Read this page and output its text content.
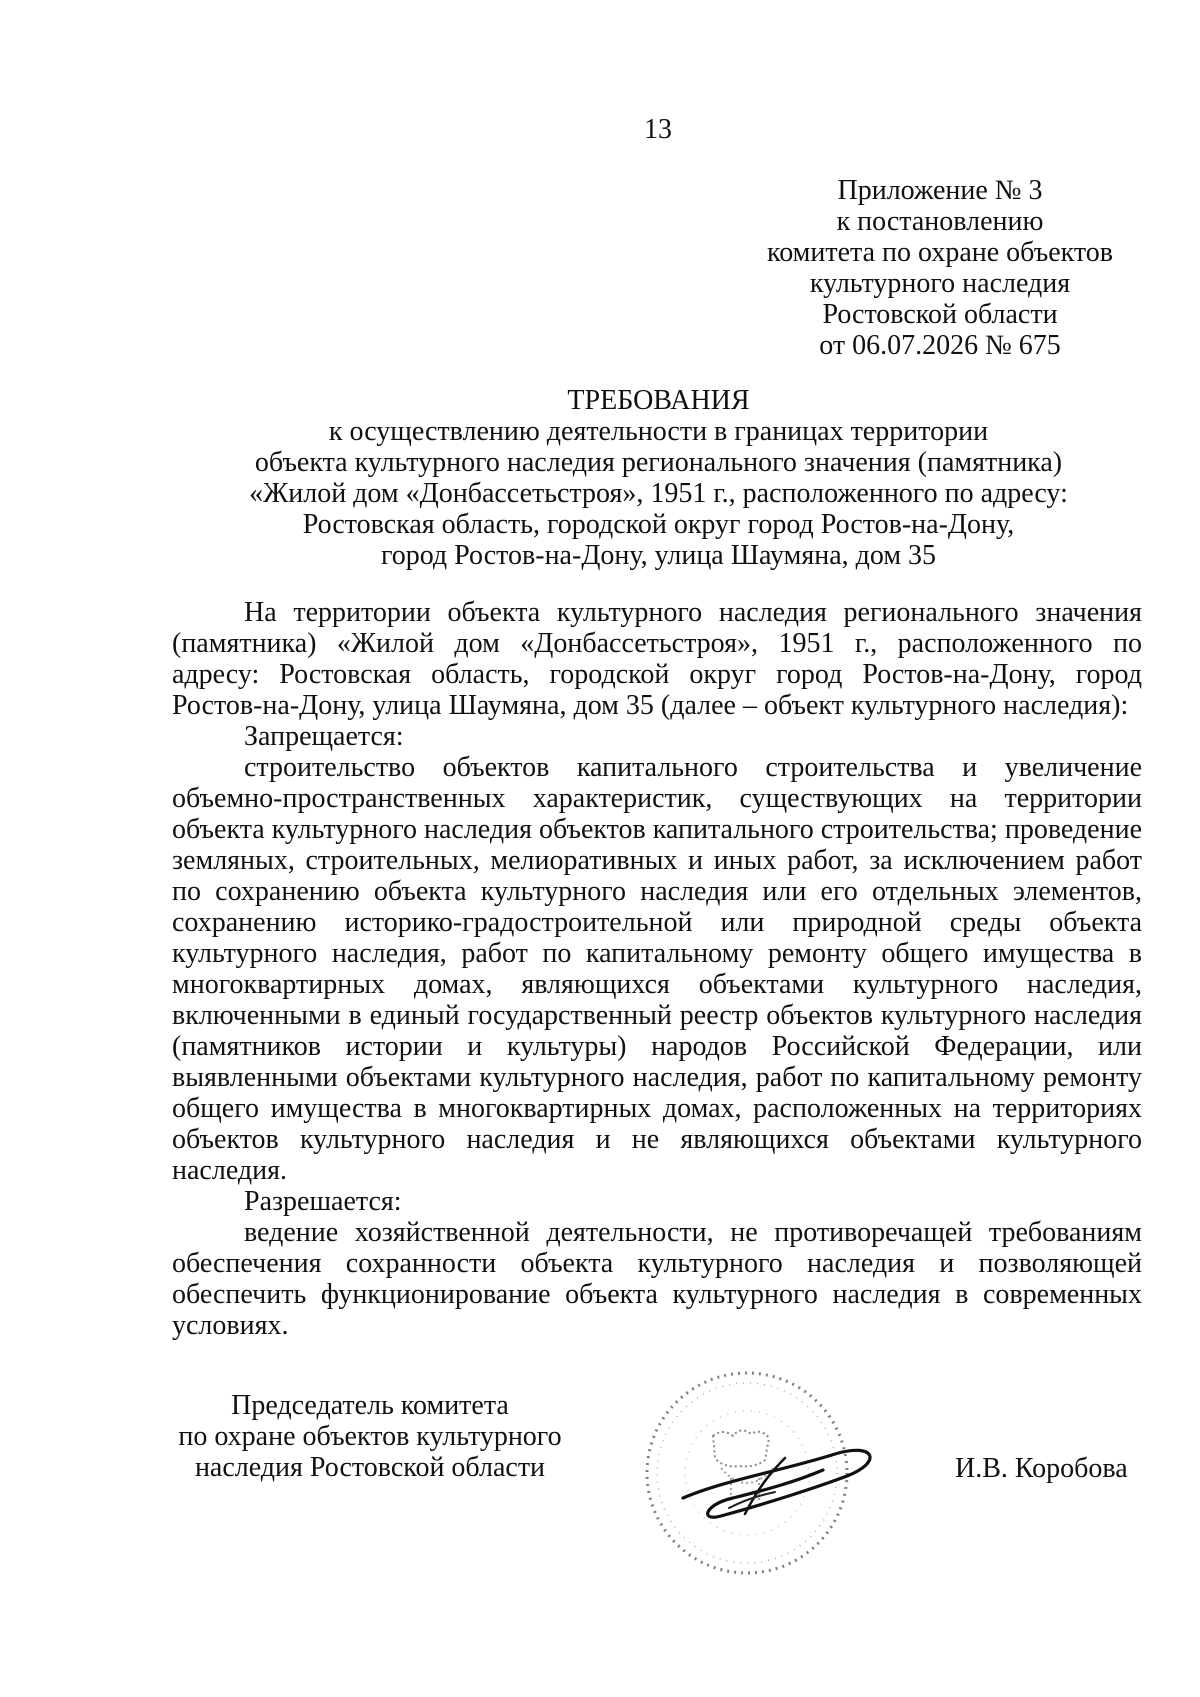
13
Приложение № 3
к постановлению
комитета по охране объектов
культурного наследия
Ростовской области
от 06.07.2026 № 675
ТРЕБОВАНИЯ
к осуществлению деятельности в границах территории
объекта культурного наследия регионального значения (памятника)
«Жилой дом «Донбассетьстроя», 1951 г., расположенного по адресу:
Ростовская область, городской округ город Ростов-на-Дону,
город Ростов-на-Дону, улица Шаумяна, дом 35

На территории объекта культурного наследия регионального значения (памятника) «Жилой дом «Донбассетьстроя», 1951 г., расположенного по адресу: Ростовская область, городской округ город Ростов-на-Дону, город Ростов-на-Дону, улица Шаумяна, дом 35 (далее – объект культурного наследия):

Запрещается:

строительство объектов капитального строительства и увеличение объемно-пространственных характеристик, существующих на территории объекта культурного наследия объектов капитального строительства; проведение земляных, строительных, мелиоративных и иных работ, за исключением работ по сохранению объекта культурного наследия или его отдельных элементов, сохранению историко-градостроительной или природной среды объекта культурного наследия, работ по капитальному ремонту общего имущества в многоквартирных домах, являющихся объектами культурного наследия, включенными в единый государственный реестр объектов культурного наследия (памятников истории и культуры) народов Российской Федерации, или выявленными объектами культурного наследия, работ по капитальному ремонту общего имущества в многоквартирных домах, расположенных на территориях объектов культурного наследия и не являющихся объектами культурного наследия.

Разрешается:

ведение хозяйственной деятельности, не противоречащей требованиям обеспечения сохранности объекта культурного наследия и позволяющей обеспечить функционирование объекта культурного наследия в современных условиях.

Председатель комитета
по охране объектов культурного
наследия Ростовской области	И.В. Коробова
